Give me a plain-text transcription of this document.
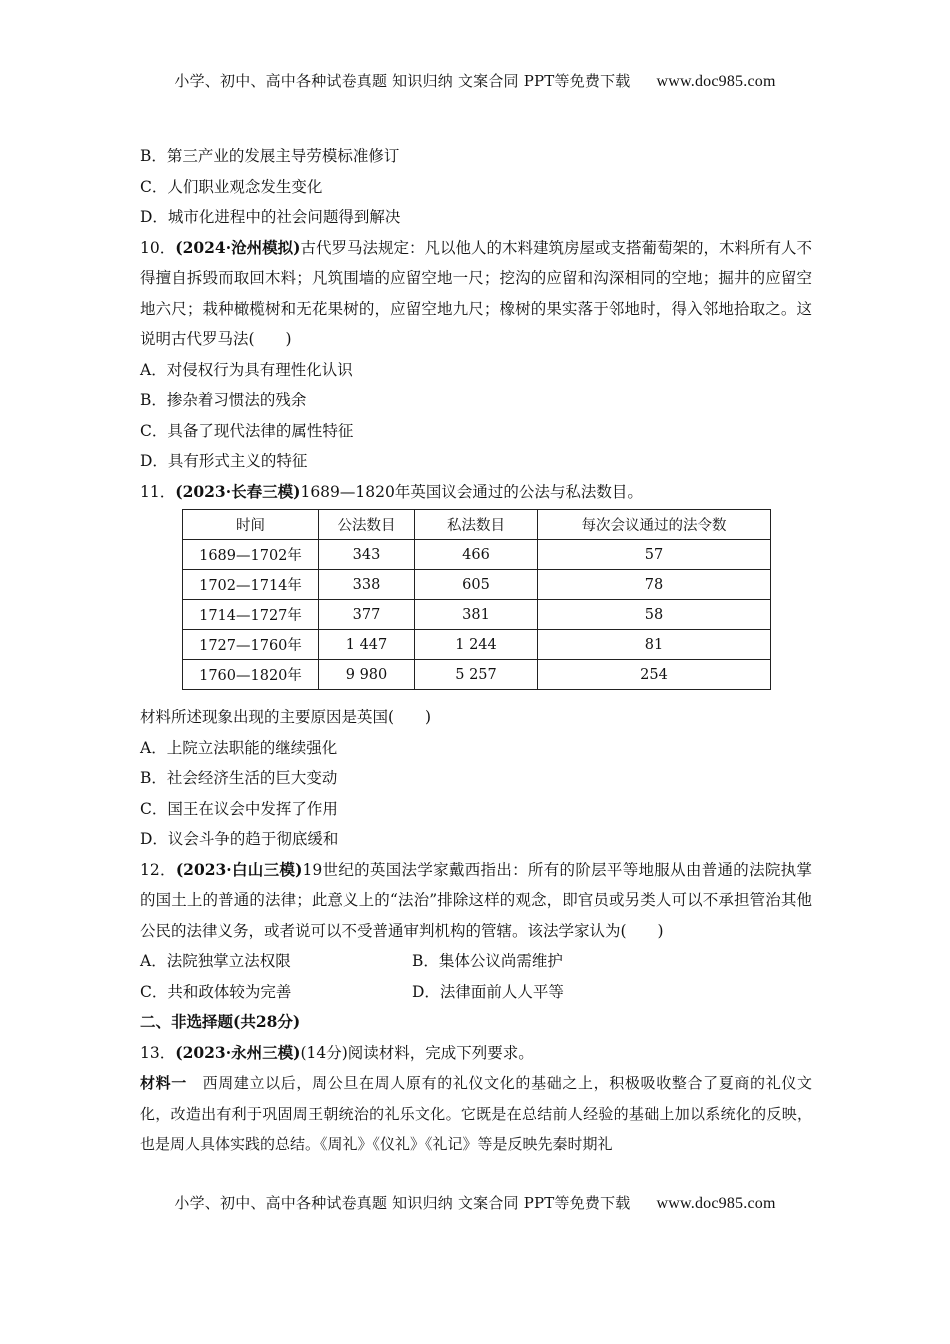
小学、初中、高中各种试卷真题 知识归纳 文案合同 PPT等免费下载 www.doc985.com
B．第三产业的发展主导劳模标准修订
C．人们职业观念发生变化
D．城市化进程中的社会问题得到解决
10．(2024·沧州模拟)古代罗马法规定：凡以他人的木料建筑房屋或支搭葡萄架的，木料所有人不得擅自拆毁而取回木料；凡筑围墙的应留空地一尺；挖沟的应留和沟深相同的空地；掘井的应留空地六尺；栽种橄榄树和无花果树的，应留空地九尺；橡树的果实落于邻地时，得入邻地拾取之。这说明古代罗马法(　　)
A．对侵权行为具有理性化认识
B．掺杂着习惯法的残余
C．具备了现代法律的属性特征
D．具有形式主义的特征
11．(2023·长春三模)1689—1820年英国议会通过的公法与私法数目。
时间	公法数目	私法数目	每次会议通过的法令数
1689—1702年	343	466	57
1702—1714年	338	605	78
1714—1727年	377	381	58
1727—1760年	1 447	1 244	81
1760—1820年	9 980	5 257	254
材料所述现象出现的主要原因是英国(　　)
A．上院立法职能的继续强化
B．社会经济生活的巨大变动
C．国王在议会中发挥了作用
D．议会斗争的趋于彻底缓和
12．(2023·白山三模)19世纪的英国法学家戴西指出：所有的阶层平等地服从由普通的法院执掌的国土上的普通的法律；此意义上的“法治”排除这样的观念，即官员或另类人可以不承担管治其他公民的法律义务，或者说可以不受普通审判机构的管辖。该法学家认为(　　)
A．法院独掌立法权限	B．集体公议尚需维护
C．共和政体较为完善	D．法律面前人人平等
二、非选择题(共28分)
13．(2023·永州三模)(14分)阅读材料，完成下列要求。
材料一　西周建立以后，周公旦在周人原有的礼仪文化的基础之上，积极吸收整合了夏商的礼仪文化，改造出有利于巩固周王朝统治的礼乐文化。它既是在总结前人经验的基础上加以系统化的反映，也是周人具体实践的总结。《周礼》《仪礼》《礼记》等是反映先秦时期礼
小学、初中、高中各种试卷真题 知识归纳 文案合同 PPT等免费下载 www.doc985.com
